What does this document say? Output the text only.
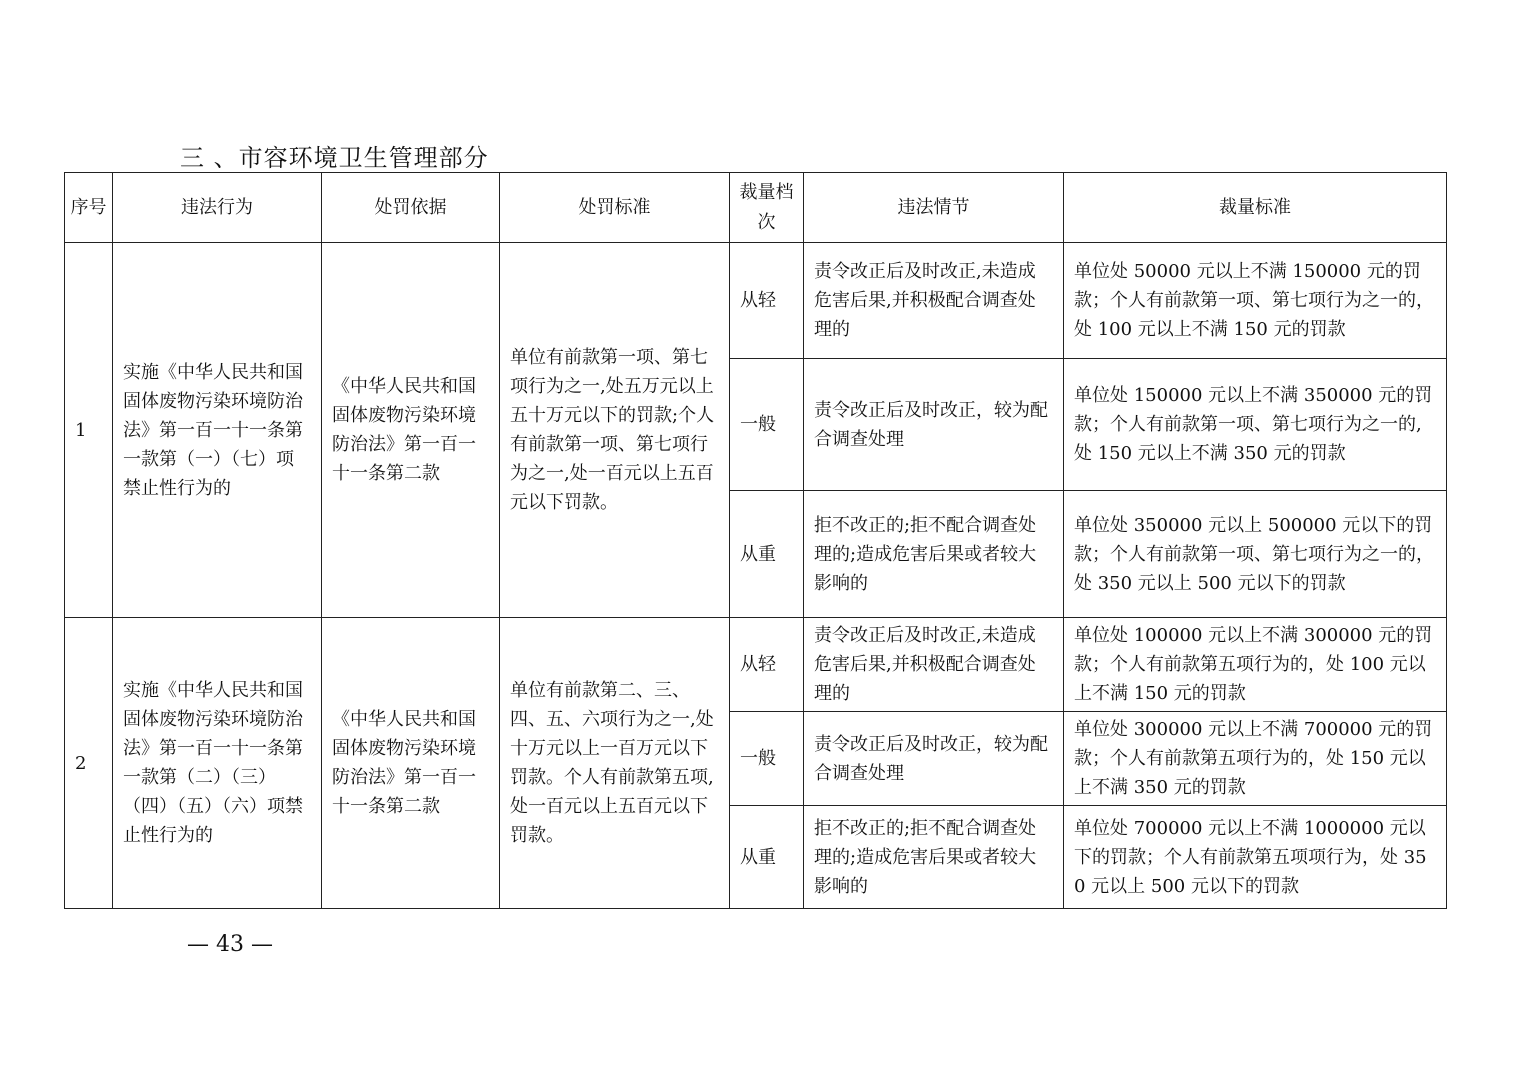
三 、市容环境卫生管理部分
序号	违法行为	处罚依据	处罚标准	裁量档次	违法情节	裁量标准
1	实施《中华人民共和国固体废物污染环境防治法》第一百一十一条第一款第（一）（七）项禁止性行为的	《中华人民共和国固体废物污染环境防治法》第一百一十一条第二款	单位有前款第一项、第七项行为之一,处五万元以上五十万元以下的罚款;个人有前款第一项、第七项行为之一,处一百元以上五百元以下罚款。	从轻	责令改正后及时改正,未造成危害后果,并积极配合调查处理的	单位处 50000 元以上不满 150000 元的罚款；个人有前款第一项、第七项行为之一的，处 100 元以上不满 150 元的罚款
				一般	责令改正后及时改正，较为配合调查处理	单位处 150000 元以上不满 350000 元的罚款；个人有前款第一项、第七项行为之一的,处 150 元以上不满 350 元的罚款
				从重	拒不改正的;拒不配合调查处理的;造成危害后果或者较大影响的	单位处 350000 元以上 500000 元以下的罚款；个人有前款第一项、第七项行为之一的，处 350 元以上 500 元以下的罚款
2	实施《中华人民共和国固体废物污染环境防治法》第一百一十一条第一款第（二）（三）（四）（五）（六）项禁止性行为的	《中华人民共和国固体废物污染环境防治法》第一百一十一条第二款	单位有前款第二、三、四、五、六项行为之一,处十万元以上一百万元以下罚款。个人有前款第五项,处一百元以上五百元以下罚款。	从轻	责令改正后及时改正,未造成危害后果,并积极配合调查处理的	单位处 100000 元以上不满 300000 元的罚款；个人有前款第五项行为的，处 100 元以上不满 150 元的罚款
				一般	责令改正后及时改正，较为配合调查处理	单位处 300000 元以上不满 700000 元的罚款；个人有前款第五项行为的，处 150 元以上不满 350 元的罚款
				从重	拒不改正的;拒不配合调查处理的;造成危害后果或者较大影响的	单位处 700000 元以上不满 1000000 元以下的罚款；个人有前款第五项项行为，处 350 元以上 500 元以下的罚款
— 43 —
